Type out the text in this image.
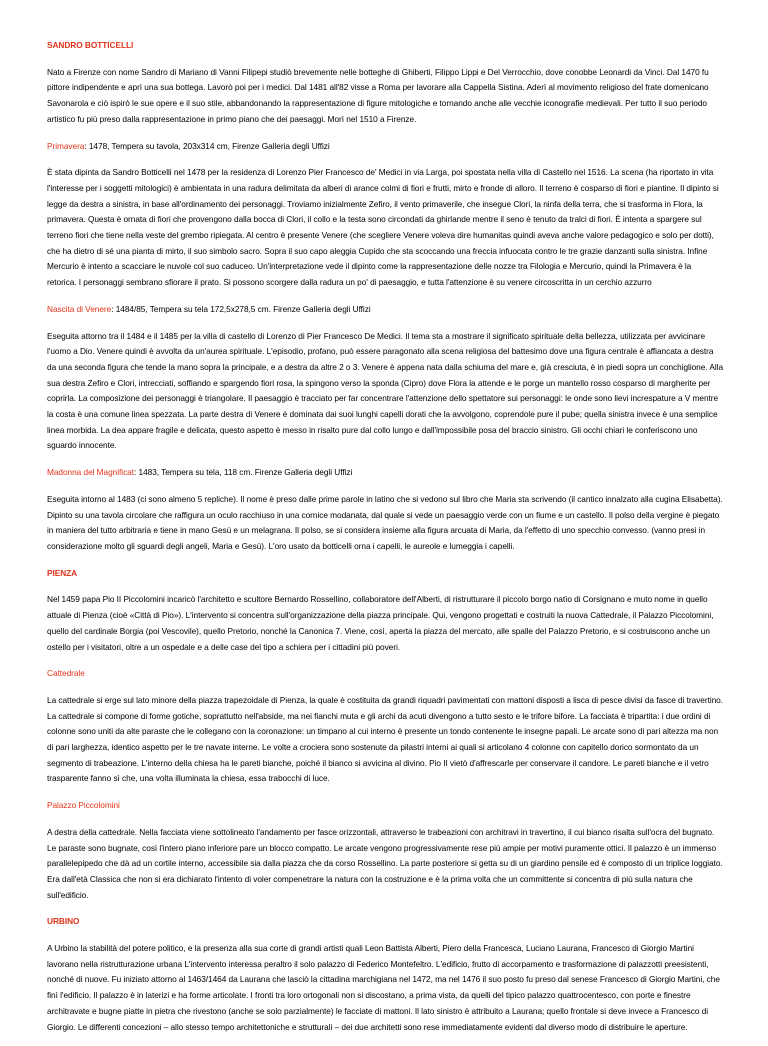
SANDRO BOTTICELLI

Nato a Firenze con nome Sandro di Mariano di Vanni Filipepi studiò brevemente nelle botteghe di Ghiberti, Filippo Lippi e Del Verrocchio, dove conobbe Leonardi da Vinci. Dal 1470 fu pittore indipendente e aprì una sua bottega. Lavorò poi per i medici. Dal 1481 all'82 visse a Roma per lavorare alla Cappella Sistina. Aderì al movimento religioso del frate domenicano Savonarola e ciò ispirò le sue opere e il suo stile, abbandonando la rappresentazione di figure mitologiche e tornando anche alle vecchie iconografie medievali. Per tutto il suo periodo artistico fu più preso dalla rappresentazione in primo piano che dei paesaggi. Morì nel 1510 a Firenze.

Primavera: 1478, Tempera su tavola, 203x314 cm, Firenze Galleria degli Uffizi

È stata dipinta da Sandro Botticelli nel 1478 per la residenza di Lorenzo Pier Francesco de' Medici in via Larga, poi spostata nella villa di Castello nel 1516. La scena (ha riportato in vita l'interesse per i soggetti mitologici) è ambientata in una radura delimitata da alberi di arance colmi di fiori e frutti, mirto e fronde di alloro. Il terreno è cosparso di fiori e piantine. Il dipinto si legge da destra a sinistra, in base all'ordinamento dei personaggi. Troviamo inizialmente Zefiro, il vento primaverile, che insegue Clori, la ninfa della terra, che si trasforma in Flora, la primavera. Questa è ornata di fiori che provengono dalla bocca di Clori, il collo e la testa sono circondati da ghirlande mentre il seno è tenuto da tralci di fiori. È intenta a spargere sul terreno fiori che tiene nella veste del grembo ripiegata. Al centro è presente Venere (che scegliere Venere voleva dire humanitas quindi aveva anche valore pedagogico e solo per dotti), che ha dietro di sé una pianta di mirto, il suo simbolo sacro. Sopra il suo capo aleggia Cupido che sta scoccando una freccia infuocata contro le tre grazie danzanti sulla sinistra. Infine Mercurio è intento a scacciare le nuvole col suo caduceo. Un'interpretazione vede il dipinto come la rappresentazione delle nozze tra Filologia e Mercurio, quindi la Primavera è la retorica. I personaggi sembrano sfiorare il prato. Si possono scorgere dalla radura un po' di paesaggio, e tutta l'attenzione è su venere circoscritta in un cerchio azzurro

Nascita di Venere: 1484/85, Tempera su tela 172,5x278,5 cm. Firenze Galleria degli Uffizi

Eseguita attorno tra il 1484 e il 1485 per la villa di castello di Lorenzo di Pier Francesco De Medici. Il tema sta a mostrare il significato spirituale della bellezza, utilizzata per avvicinare l'uomo a Dio. Venere quindi è avvolta da un'aurea spirituale. L'episodio, profano, può essere paragonato alla scena religiosa del battesimo dove una figura centrale è affiancata a destra da una seconda figura che tende la mano sopra la principale, e a destra da altre 2 o 3. Venere è appena nata dalla schiuma del mare e, già cresciuta, è in piedi sopra un conchiglione. Alla sua destra Zefiro e Clori, intrecciati, soffiando e spargendo fiori rosa, la spingono verso la sponda (Cipro) dove Flora la attende e le porge un mantello rosso cosparso di margherite per coprirla. La composizione dei personaggi è triangolare. Il paesaggio è tracciato per far concentrare l'attenzione dello spettatore sui personaggi: le onde sono lievi increspature a V mentre la costa è una comune linea spezzata. La parte destra di Venere è dominata dai suoi lunghi capelli dorati che la avvolgono, coprendole pure il pube; quella sinistra invece è una semplice linea morbida. La dea appare fragile e delicata, questo aspetto è messo in risalto pure dal collo lungo e dall'impossibile posa del braccio sinistro. Gli occhi chiari le conferiscono uno sguardo innocente.

Madonna del Magnificat: 1483, Tempera su tela, 118 cm. Firenze Galleria degli Uffizi

Eseguita intorno al 1483 (ci sono almeno 5 repliche). Il nome è preso dalle prime parole in latino che si vedono sul libro che Maria sta scrivendo (il cantico innalzato alla cugina Elisabetta). Dipinto su una tavola circolare che raffigura un oculo racchiuso in una cornice modanata, dal quale si vede un paesaggio verde con un fiume e un castello. Il polso della vergine è piegato in maniera del tutto arbitraria e tiene in mano Gesù e un melagrana. Il polso, se si considera insieme alla figura arcuata di Maria, da l'effetto di uno specchio convesso. (vanno presi in considerazione molto gli sguardi degli angeli, Maria e Gesù). L'oro usato da botticelli orna i capelli, le aureole e lumeggia i capelli.

PIENZA

Nel 1459 papa Pio II Piccolomini incaricò l'architetto e scultore Bernardo Rossellino, collaboratore dell'Alberti, di ristrutturare il piccolo borgo natìo di Corsignano e muto nome in quello attuale di Pienza (cioè «Città di Pio»). L'intervento si concentra sull'organizzazione della piazza principale. Qui, vengono progettati e costruiti la nuova Cattedrale, il Palazzo Piccolomini, quello del cardinale Borgia (poi Vescovile), quello Pretorio, nonché la Canonica 7. Viene, così, aperta la piazza del mercato, alle spalle del Palazzo Pretorio, e si costruiscono anche un ostello per i visitatori, oltre a un ospedale e a delle case del tipo a schiera per i cittadini più poveri.

Cattedrale

La cattedrale si erge sul lato minore della piazza trapezoidale di Pienza, la quale è costituita da grandi riquadri pavimentati con mattoni disposti a lisca di pesce divisi da fasce di travertino. La cattedrale si compone di forme gotiche, soprattutto nell'abside, ma nei fianchi muta e gli archi da acuti divengono a tutto sesto e le trifore bifore. La facciata è tripartita: i due ordini di colonne sono uniti da alte paraste che le collegano con la coronazione: un timpano al cui interno è presente un tondo contenente le insegne papali. Le arcate sono di pari altezza ma non di pari larghezza, identico aspetto per le tre navate interne. Le volte a crociera sono sostenute da pilastri interni ai quali si articolano 4 colonne con capitello dorico sormontato da un segmento di trabeazione. L'interno della chiesa ha le pareti bianche, poiché il bianco si avvicina al divino. Pio II vietò d'affrescarle per conservare il candore. Le pareti bianche e il vetro trasparente fanno sì che, una volta illuminata la chiesa, essa trabocchi di luce.

Palazzo Piccolomini

A destra della cattedrale. Nella facciata viene sottolineato l'andamento per fasce orizzontali, attraverso le trabeazioni con architravi in travertino, il cui bianco risalta sull'ocra del bugnato. Le paraste sono bugnate, così l'intero piano inferiore pare un blocco compatto. Le arcate vengono progressivamente rese più ampie per motivi puramente ottici. Il palazzo è un immenso parallelepipedo che dà ad un cortile interno, accessibile sia dalla piazza che da corso Rossellino. La parte posteriore si getta su di un giardino pensile ed è composto di un triplice loggiato. Era dall'età Classica che non si era dichiarato l'intento di voler compenetrare la natura con la costruzione e è la prima volta che un committente si concentra di più sulla natura che sull'edificio.

URBINO

A Urbino la stabilità del potere politico, e la presenza alla sua corte di grandi artisti quali Leon Battista Alberti, Piero della Francesca, Luciano Laurana, Francesco di Giorgio Martini lavorano nella ristrutturazione urbana L'intervento interessa peraltro il solo palazzo di Federico Montefeltro. L'edificio, frutto di accorpamento e trasformazione di palazzotti preesistenti, nonché di nuove. Fu iniziato attorno al 1463/1464 da Laurana che lasciò la cittadina marchigiana nel 1472, ma nel 1476 il suo posto fu preso dal senese Francesco di Giorgio Martini, che finì l'edificio. Il palazzo è in laterizi e ha forme articolate. I fronti tra loro ortogonali non si discostano, a prima vista, da quelli del tipico palazzo quattrocentesco, con porte e finestre architravate e bugne piatte in pietra che rivestono (anche se solo parzialmente) le facciate di mattoni. Il lato sinistro è attribuito a Laurana; quello frontale si deve invece a Francesco di Giorgio. Le differenti concezioni – allo stesso tempo architettoniche e strutturali – dei due architetti sono rese immediatamente evidenti dal diverso modo di distribuire le aperture.
